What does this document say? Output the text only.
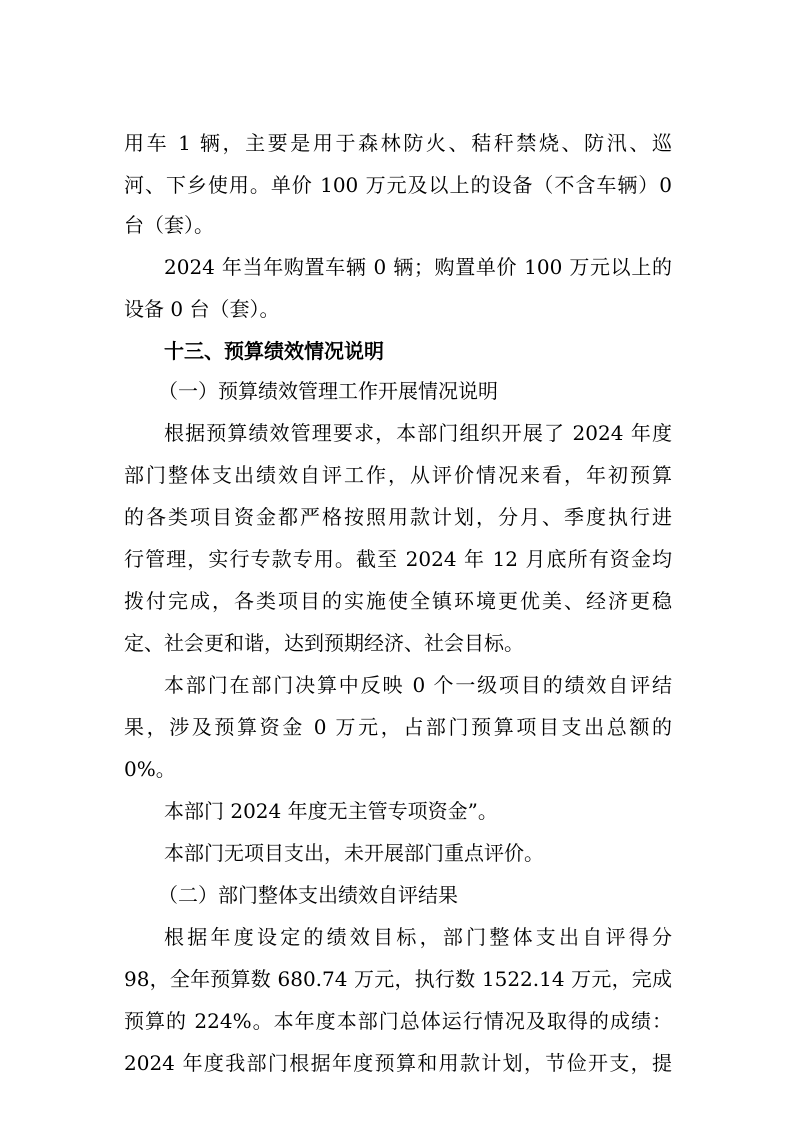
用车 1 辆，主要是用于森林防火、秸秆禁烧、防汛、巡

河、下乡使用。单价 100 万元及以上的设备（不含车辆）0

台（套）。

2024 年当年购置车辆 0 辆；购置单价 100 万元以上的

设备 0 台（套）。

十三、预算绩效情况说明

（一）预算绩效管理工作开展情况说明

根据预算绩效管理要求，本部门组织开展了 2024 年度

部门整体支出绩效自评工作，从评价情况来看，年初预算

的各类项目资金都严格按照用款计划，分月、季度执行进

行管理，实行专款专用。截至 2024 年 12 月底所有资金均

拨付完成，各类项目的实施使全镇环境更优美、经济更稳

定、社会更和谐，达到预期经济、社会目标。

本部门在部门决算中反映 0 个一级项目的绩效自评结

果，涉及预算资金 0 万元，占部门预算项目支出总额的

0%。

本部门 2024 年度无主管专项资金”。

本部门无项目支出，未开展部门重点评价。

（二）部门整体支出绩效自评结果

根据年度设定的绩效目标，部门整体支出自评得分

98，全年预算数 680.74 万元，执行数 1522.14 万元，完成

预算的 224%。本年度本部门总体运行情况及取得的成绩：

2024 年度我部门根据年度预算和用款计划，节俭开支，提
